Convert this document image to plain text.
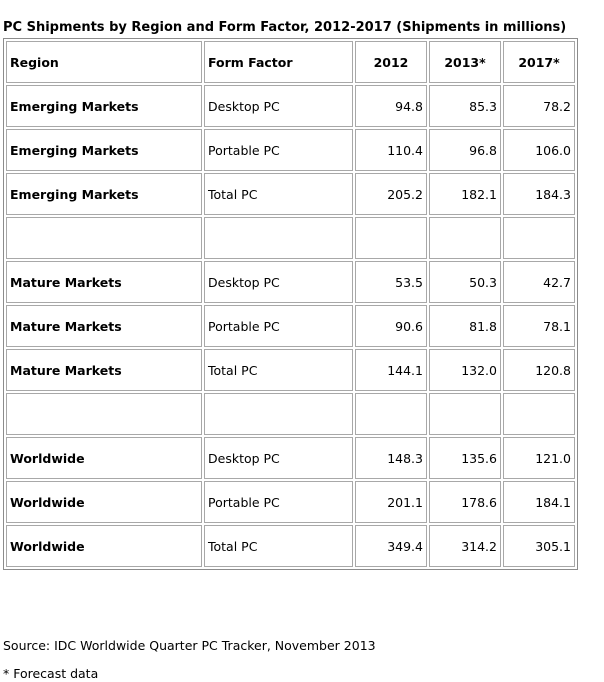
PC Shipments by Region and Form Factor, 2012-2017 (Shipments in millions)
Region	Form Factor	2012	2013*	2017*
Emerging Markets	Desktop PC	94.8	85.3	78.2
Emerging Markets	Portable PC	110.4	96.8	106.0
Emerging Markets	Total PC	205.2	182.1	184.3

Mature Markets	Desktop PC	53.5	50.3	42.7
Mature Markets	Portable PC	90.6	81.8	78.1
Mature Markets	Total PC	144.1	132.0	120.8

Worldwide	Desktop PC	148.3	135.6	121.0
Worldwide	Portable PC	201.1	178.6	184.1
Worldwide	Total PC	349.4	314.2	305.1
Source: IDC Worldwide Quarter PC Tracker, November 2013
* Forecast data
